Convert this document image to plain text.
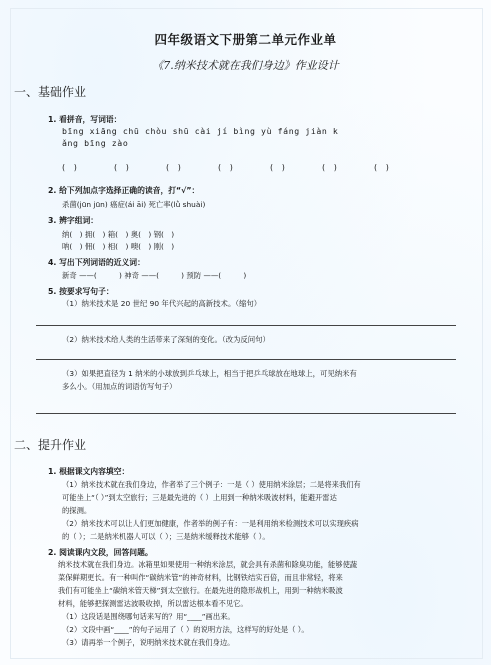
四年级语文下册第二单元作业单
《7.纳米技术就在我们身边》作业设计
一、基础作业
1. 看拼音，写词语：
bīng xiāng chū chòu shū cài jí bìng yù fáng jiàn k
ǎng bīng zào
(　)	(　)	(　)	(　)	(　)	(　)	(　)
2. 给下列加点字选择正确的读音，打“√”：
杀菌(jūn jūn) 癌症(ái āi) 死亡率(lǜ shuài)
3. 辨字组词：
纳(　) 拥(　) 箱(　) 奥(　) 钢(　)
呐(　) 佣(　) 相(　) 噢(　) 刚(　)
4. 写出下列词语的近义词：
新奇 ——(　　　) 神奇 ——(　　　) 预防 ——(　　　)
5. 按要求写句子：
（1）纳米技术是 20 世纪 90 年代兴起的高新技术。（缩句）
（2）纳米技术给人类的生活带来了深刻的变化。（改为反问句）
（3）如果把直径为 1 纳米的小球放到乒乓球上，相当于把乒乓球放在地球上，可见纳米有
多么小。（用加点的词语仿写句子）
二、提升作业
1. 根据课文内容填空：
（1）纳米技术就在我们身边，作者举了三个例子：一是（ ）使用纳米涂层；二是将来我们有
可能坐上“（ ）”到太空旅行；三是最先进的（ ）上用到一种纳米吸波材料，能避开雷达
的探测。
（2）纳米技术可以让人们更加健康，作者举的例子有：一是利用纳米检测技术可以实现疾病
的（ ）；二是纳米机器人可以（ ）；三是纳米缓释技术能够（ ）。
2. 阅读课内文段，回答问题。
纳米技术就在我们身边。冰箱里如果使用一种纳米涂层，就会具有杀菌和除臭功能，能够使蔬
菜保鲜期更长。有一种叫作“碳纳米管”的神奇材料，比钢铁结实百倍，而且非常轻，将来
我们有可能坐上“碳纳米管天梯”到太空旅行。在最先进的隐形战机上，用到一种纳米吸波
材料，能够把探测雷达波吸收掉，所以雷达根本看不见它。
（1）这段话是围绕哪句话来写的？用“____”画出来。
（2）文段中画“____”的句子运用了（ ）的说明方法，这样写的好处是（ ）。
（3）请再举一个例子，说明纳米技术就在我们身边。
